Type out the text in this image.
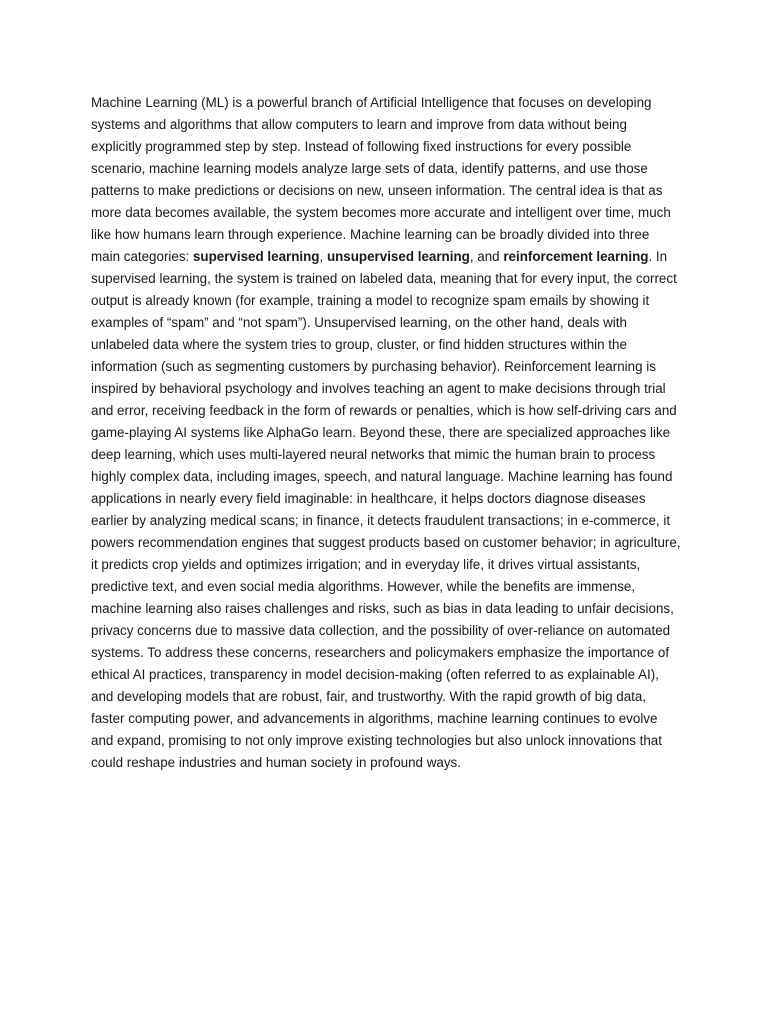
Machine Learning (ML) is a powerful branch of Artificial Intelligence that focuses on developing systems and algorithms that allow computers to learn and improve from data without being explicitly programmed step by step. Instead of following fixed instructions for every possible scenario, machine learning models analyze large sets of data, identify patterns, and use those patterns to make predictions or decisions on new, unseen information. The central idea is that as more data becomes available, the system becomes more accurate and intelligent over time, much like how humans learn through experience. Machine learning can be broadly divided into three main categories: supervised learning, unsupervised learning, and reinforcement learning. In supervised learning, the system is trained on labeled data, meaning that for every input, the correct output is already known (for example, training a model to recognize spam emails by showing it examples of “spam” and “not spam”). Unsupervised learning, on the other hand, deals with unlabeled data where the system tries to group, cluster, or find hidden structures within the information (such as segmenting customers by purchasing behavior). Reinforcement learning is inspired by behavioral psychology and involves teaching an agent to make decisions through trial and error, receiving feedback in the form of rewards or penalties, which is how self-driving cars and game-playing AI systems like AlphaGo learn. Beyond these, there are specialized approaches like deep learning, which uses multi-layered neural networks that mimic the human brain to process highly complex data, including images, speech, and natural language. Machine learning has found applications in nearly every field imaginable: in healthcare, it helps doctors diagnose diseases earlier by analyzing medical scans; in finance, it detects fraudulent transactions; in e-commerce, it powers recommendation engines that suggest products based on customer behavior; in agriculture, it predicts crop yields and optimizes irrigation; and in everyday life, it drives virtual assistants, predictive text, and even social media algorithms. However, while the benefits are immense, machine learning also raises challenges and risks, such as bias in data leading to unfair decisions, privacy concerns due to massive data collection, and the possibility of over-reliance on automated systems. To address these concerns, researchers and policymakers emphasize the importance of ethical AI practices, transparency in model decision-making (often referred to as explainable AI), and developing models that are robust, fair, and trustworthy. With the rapid growth of big data, faster computing power, and advancements in algorithms, machine learning continues to evolve and expand, promising to not only improve existing technologies but also unlock innovations that could reshape industries and human society in profound ways.
